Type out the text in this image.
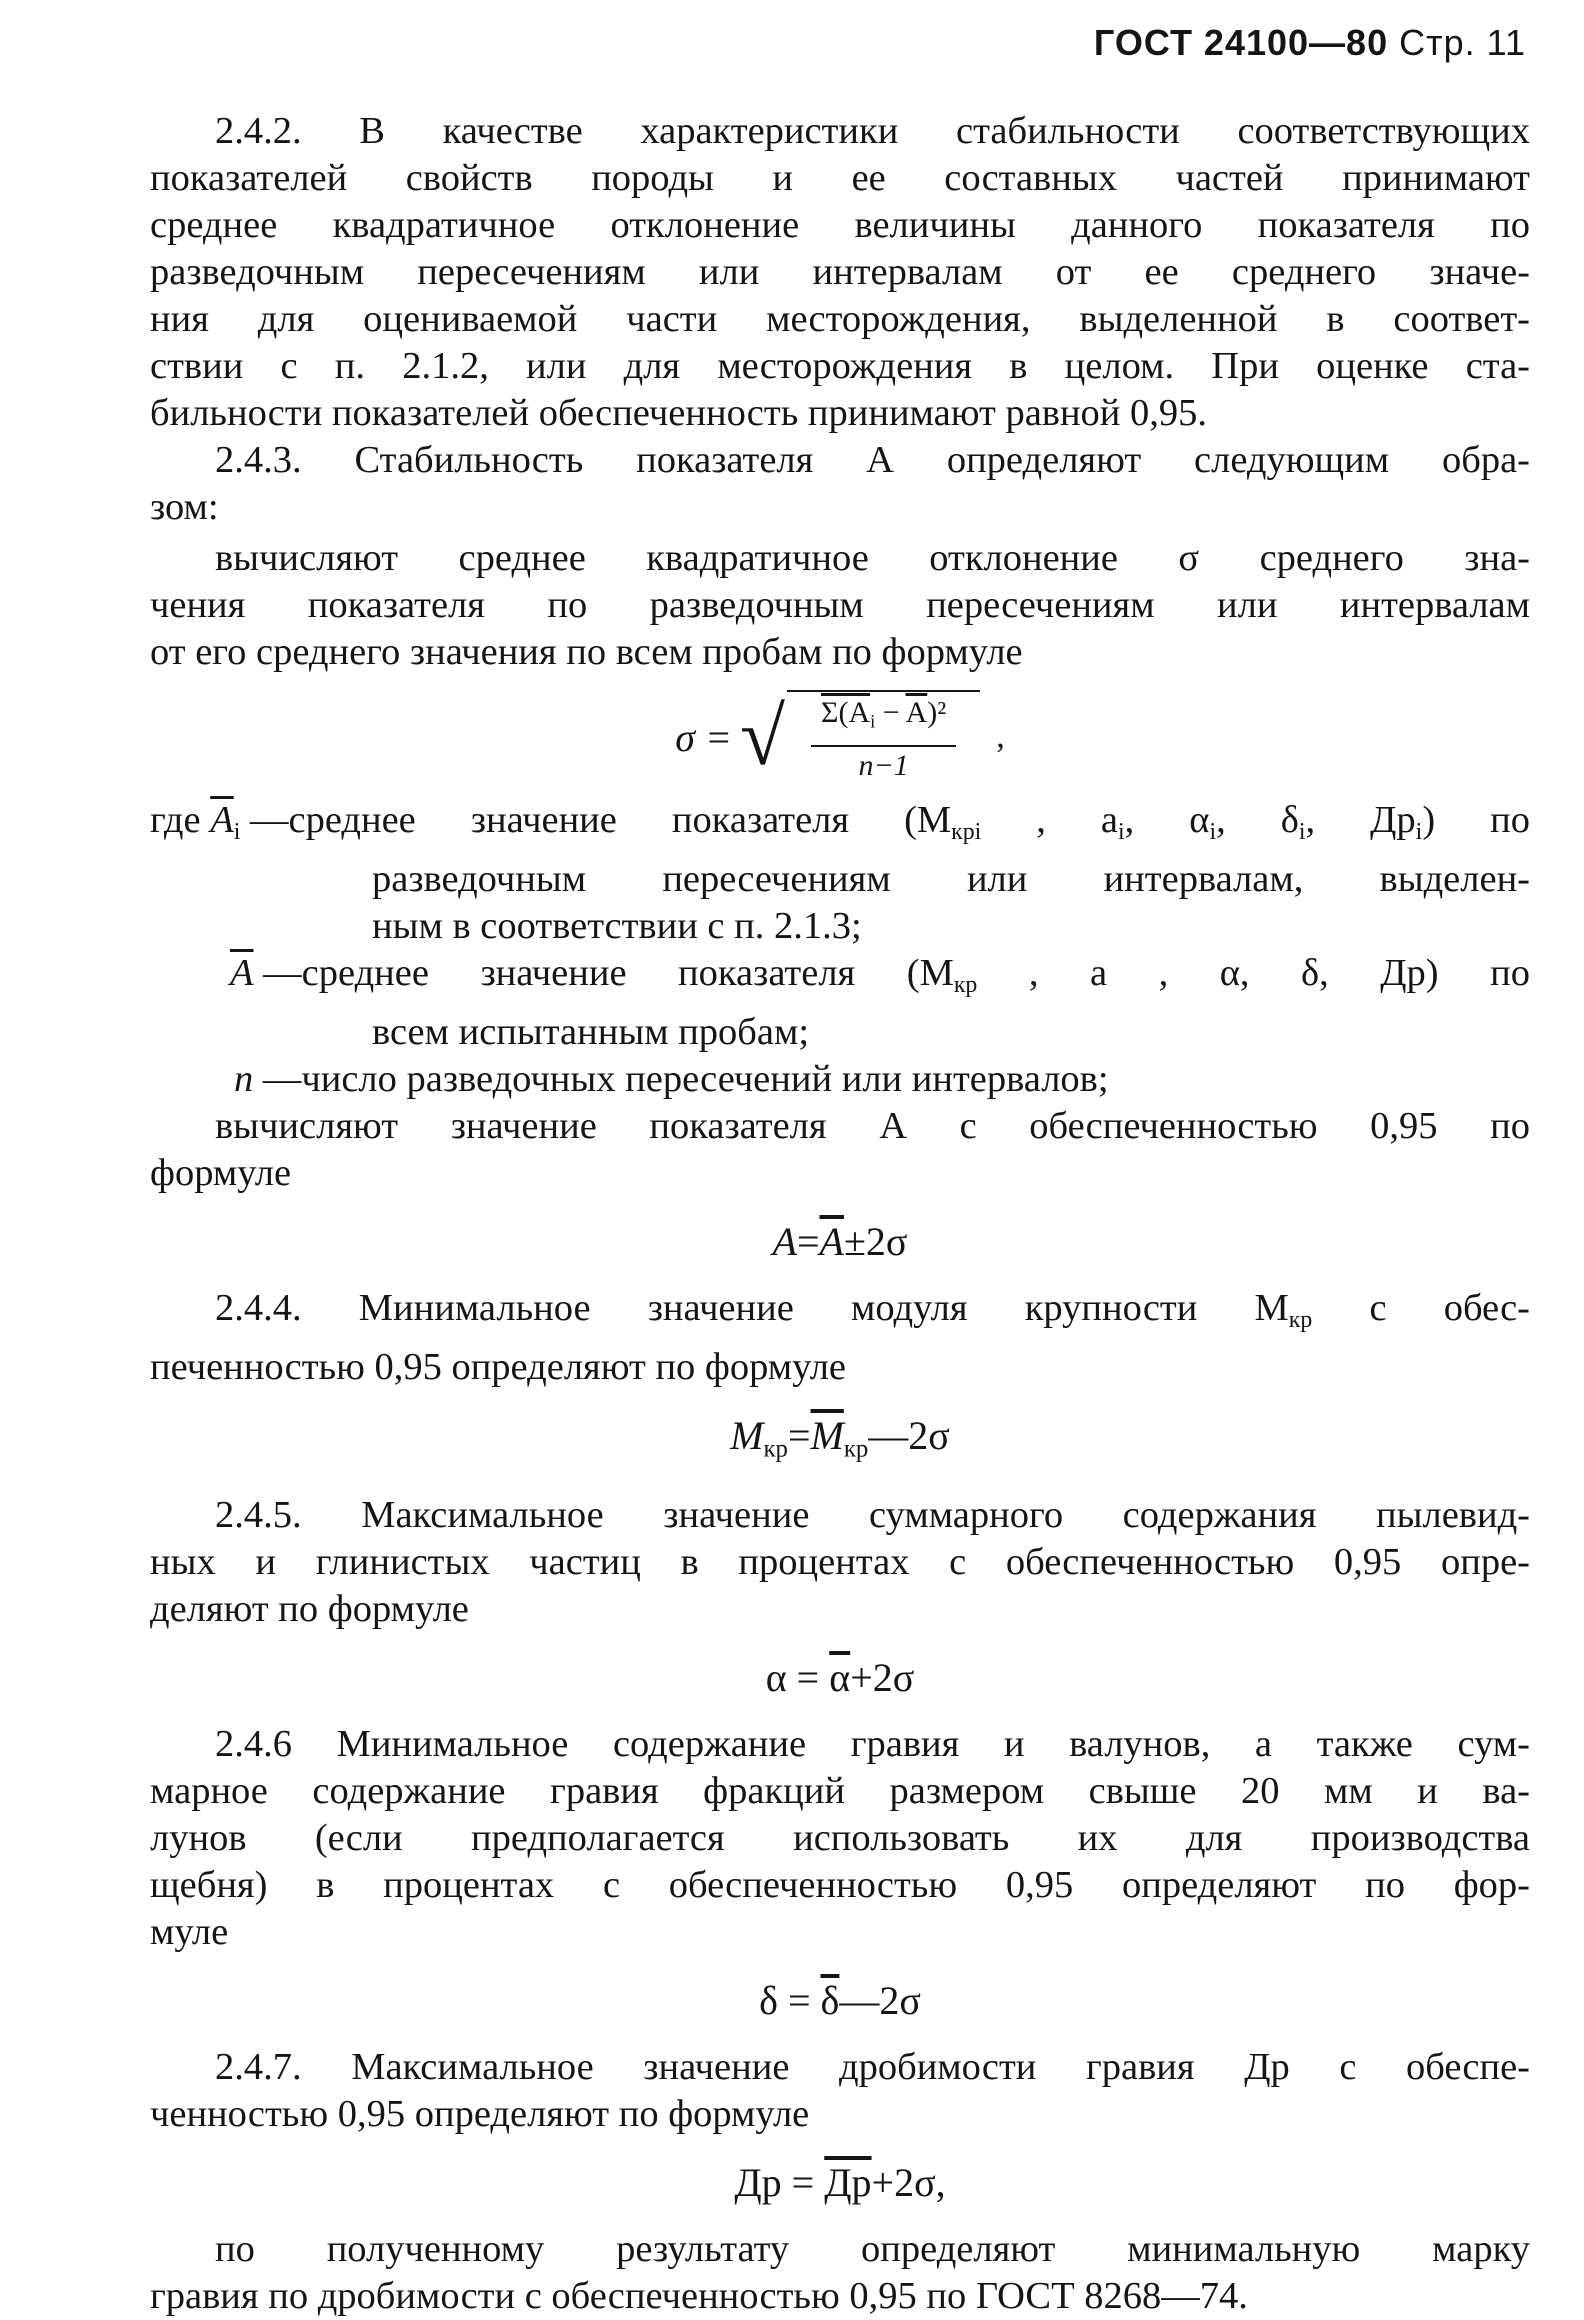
ГОСТ 24100—80 Стр. 11

2.4.2. В качестве характеристики стабильности соответствующих

показателей свойств породы и ее составных частей принимают

среднее квадратичное отклонение величины данного показателя по

разведочным пересечениям или интервалам от ее среднего значе-

ния для оцениваемой части месторождения, выделенной в соответ-

ствии с п. 2.1.2, или для месторождения в целом. При оценке ста-

бильности показателей обеспеченность принимают равной 0,95.

2.4.3. Стабильность показателя А определяют следующим обра-

зом:

вычисляют среднее квадратичное отклонение σ среднего зна-

чения показателя по разведочным пересечениям или интервалам

от его среднего значения по всем пробам по формуле

σ = √ $\frac{\Sigma(A_i - \overline{A})^2}{n-1}$ ,
где $\overline{A}_i$ — среднее значение показателя ($M_{крi}$ , $a_i$, $\alpha_i$, $\delta_i$, $Др_i$) по

разведочным пересечениям или интервалам, выделен-

ным в соответствии с п. 2.1.3;

$\overline{A}$ — среднее значение показателя ($M_{кр}$ , a , α, δ, Др) по

всем испытанным пробам;

n — число разведочных пересечений или интервалов;

вычисляют значение показателя А с обеспеченностью 0,95 по

формуле

$A=\overline{A}\pm 2\sigma$

2.4.4. Минимальное значение модуля крупности $М_{кр}$ с обес-

печенностью 0,95 определяют по формуле

$M_{кр}=\overline{M}_{кр}—2\sigma$

2.4.5. Максимальное значение суммарного содержания пылевид-

ных и глинистых частиц в процентах с обеспеченностью 0,95 опре-

деляют по формуле

$\alpha = \overline{\alpha}+2\sigma$

2.4.6 Минимальное содержание гравия и валунов, а также сум-

марное содержание гравия фракций размером свыше 20 мм и ва-

лунов (если предполагается использовать их для производства

щебня) в процентах с обеспеченностью 0,95 определяют по фор-

муле

$\delta = \overline{\delta}—2\sigma$

2.4.7. Максимальное значение дробимости гравия Др с обеспе-

ченностью 0,95 определяют по формуле

Др = Др+2σ,

по полученному результату определяют минимальную марку

гравия по дробимости с обеспеченностью 0,95 по ГОСТ 8268—74.
